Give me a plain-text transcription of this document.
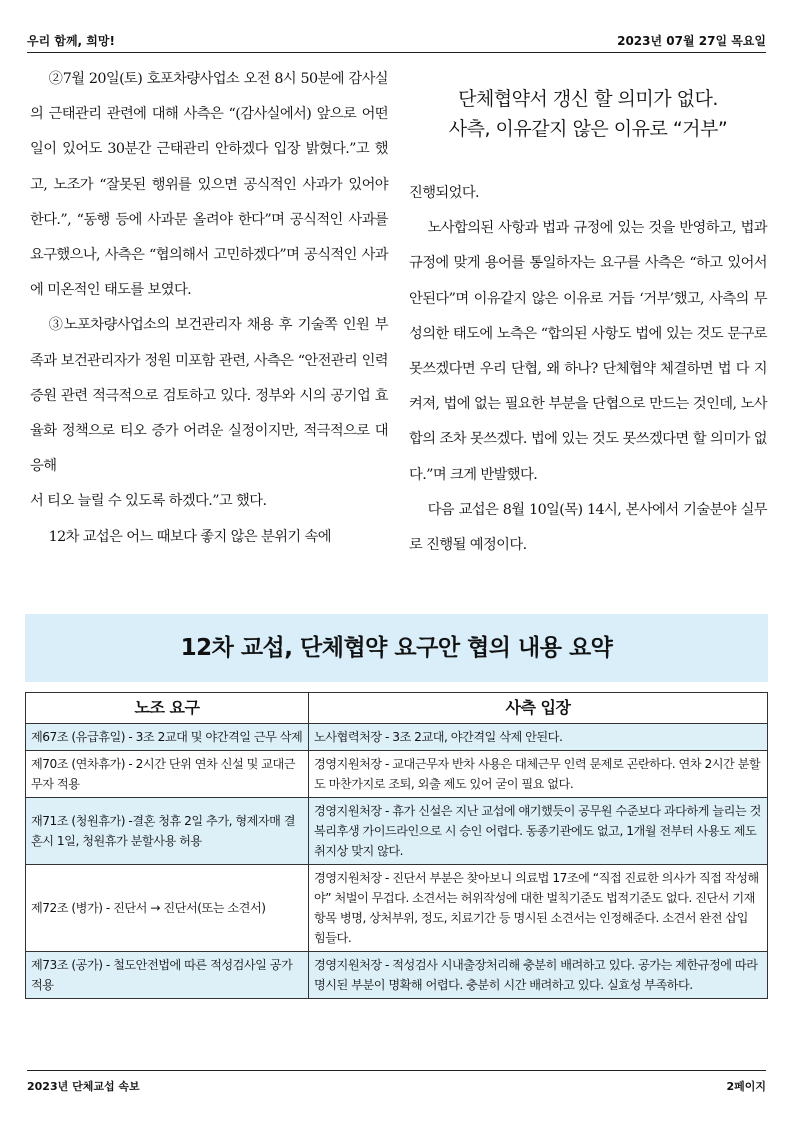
우리 함께, 희망!	2023년 07월 27일 목요일

②7월 20일(토) 호포차량사업소 오전 8시 50분에 감사실의 근태관리 관련에 대해 사측은 “(감사실에서) 앞으로 어떤 일이 있어도 30분간 근태관리 안하겠다 입장 밝혔다.”고 했고, 노조가 “잘못된 행위를 있으면 공식적인 사과가 있어야 한다.”, “동행 등에 사과문 올려야 한다”며 공식적인 사과를 요구했으나, 사측은 “협의해서 고민하겠다”며 공식적인 사과에 미온적인 태도를 보였다.

③노포차량사업소의 보건관리자 채용 후 기술쪽 인원 부족과 보건관리자가 정원 미포함 관련, 사측은 “안전관리 인력 증원 관련 적극적으로 검토하고 있다. 정부와 시의 공기업 효율화 정책으로 티오 증가 어려운 실정이지만, 적극적으로 대응해

서 티오 늘릴 수 있도록 하겠다.”고 했다.

12차 교섭은 어느 때보다 좋지 않은 분위기 속에

단체협약서 갱신 할 의미가 없다.
사측, 이유같지 않은 이유로 “거부”

진행되었다.

노사합의된 사항과 법과 규정에 있는 것을 반영하고, 법과 규정에 맞게 용어를 통일하자는 요구를 사측은 “하고 있어서 안된다”며 이유같지 않은 이유로 거듭 ‘거부’했고, 사측의 무성의한 태도에 노측은 “합의된 사항도 법에 있는 것도 문구로 못쓰겠다면 우리 단협, 왜 하나? 단체협약 체결하면 법 다 지켜져, 법에 없는 필요한 부분을 단협으로 만드는 것인데, 노사합의 조차 못쓰겠다. 법에 있는 것도 못쓰겠다면 할 의미가 없다.”며 크게 반발했다.

다음 교섭은 8월 10일(목) 14시, 본사에서 기술분야 실무로 진행될 예정이다.

12차 교섭, 단체협약 요구안 협의 내용 요약
노조 요구	사측 입장
제67조 (유급휴일) - 3조 2교대 및 야간격일 근무 삭제	노사협력처장 - 3조 2교대, 야간격일 삭제 안된다.
제70조 (연차휴가) - 2시간 단위 연차 신설 및 교대근무자 적용	경영지원처장 - 교대근무자 반차 사용은 대체근무 인력 문제로 곤란하다. 연차 2시간 분할도 마찬가지로 조퇴, 외출 제도 있어 굳이 필요 없다.
재71조 (청원휴가) -결혼 청휴 2일 추가, 형제자매 결혼시 1일, 청원휴가 분할사용 허용	경영지원처장 - 휴가 신설은 지난 교섭에 얘기했듯이 공무원 수준보다 과다하게 늘리는 것 복리후생 가이드라인으로 시 승인 어렵다. 동종기관에도 없고, 1개월 전부터 사용도 제도 취지상 맞지 않다.
제72조 (병가) - 진단서 → 진단서(또는 소견서)	경영지원처장 - 진단서 부분은 찾아보니 의료법 17조에 “직접 진료한 의사가 직접 작성해야” 처벌이 무겁다. 소견서는 허위작성에 대한 벌칙기준도 법적기준도 없다. 진단서 기재 항목 병명, 상처부위, 정도, 치료기간 등 명시된 소견서는 인정해준다. 소견서 완전 삽입 힘들다.
제73조 (공가) - 철도안전법에 따른 적성검사일 공가 적용	경영지원처장 - 적성검사 시내출장처리해 충분히 배려하고 있다. 공가는 제한규정에 따라 명시된 부분이 명확해 어렵다. 충분히 시간 배려하고 있다. 실효성 부족하다.
2023년 단체교섭 속보	2페이지
